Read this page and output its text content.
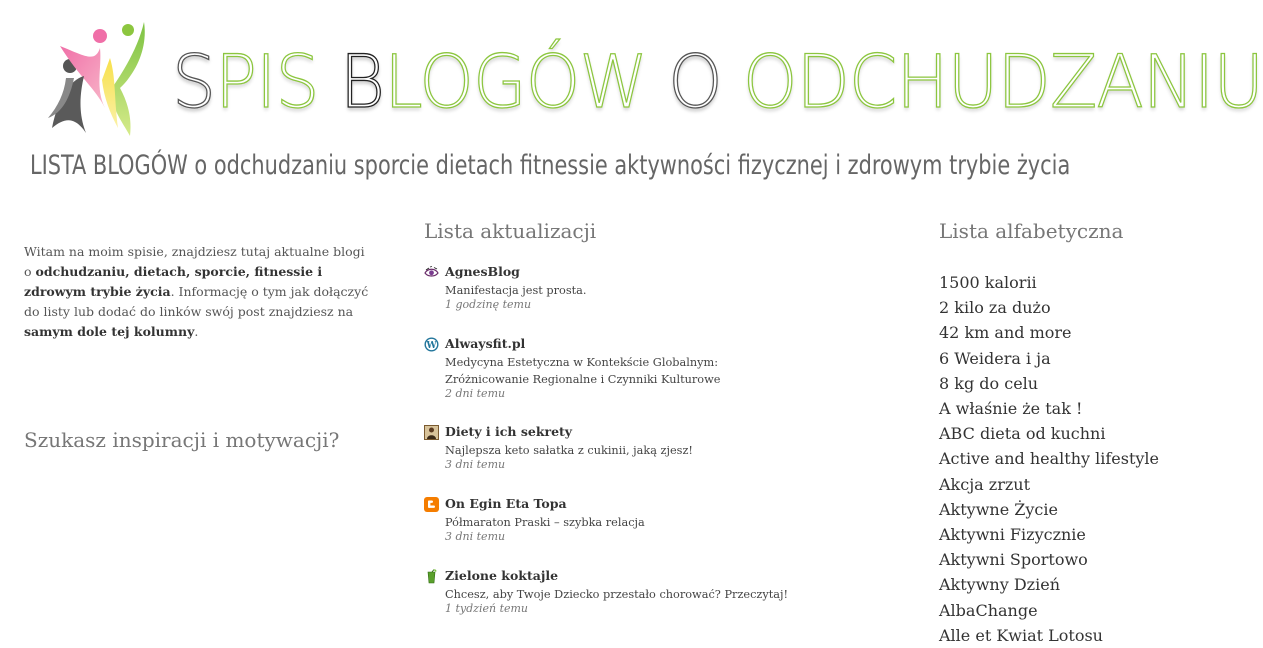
SPIS BLOGÓW O ODCHUDZANIU
LISTA BLOGÓW o odchudzaniu sporcie dietach fitnessie aktywności fizycznej i zdrowym trybie życia
Witam na moim spisie, znajdziesz tutaj aktualne blogi o odchudzaniu, dietach, sporcie, fitnessie i zdrowym trybie życia. Informację o tym jak dołączyć do listy lub dodać do linków swój post znajdziesz na samym dole tej kolumny.
Szukasz inspiracji i motywacji?
Lista aktualizacji
AgnesBlog
Manifestacja jest prosta.
1 godzinę temu
W Alwaysfit.pl
Medycyna Estetyczna w Kontekście Globalnym: Zróżnicowanie Regionalne i Czynniki Kulturowe
2 dni temu
Diety i ich sekrety
Najlepsza keto sałatka z cukinii, jaką zjesz!
3 dni temu
On Egin Eta Topa
Półmaraton Praski – szybka relacja
3 dni temu
Zielone koktajle
Chcesz, aby Twoje Dziecko przestało chorować? Przeczytaj!
1 tydzień temu
Lista alfabetyczna
1500 kalorii
2 kilo za dużo
42 km and more
6 Weidera i ja
8 kg do celu
A właśnie że tak !
ABC dieta od kuchni
Active and healthy lifestyle
Akcja zrzut
Aktywne Życie
Aktywni Fizycznie
Aktywni Sportowo
Aktywny Dzień
AlbaChange
Alle et Kwiat Lotosu
